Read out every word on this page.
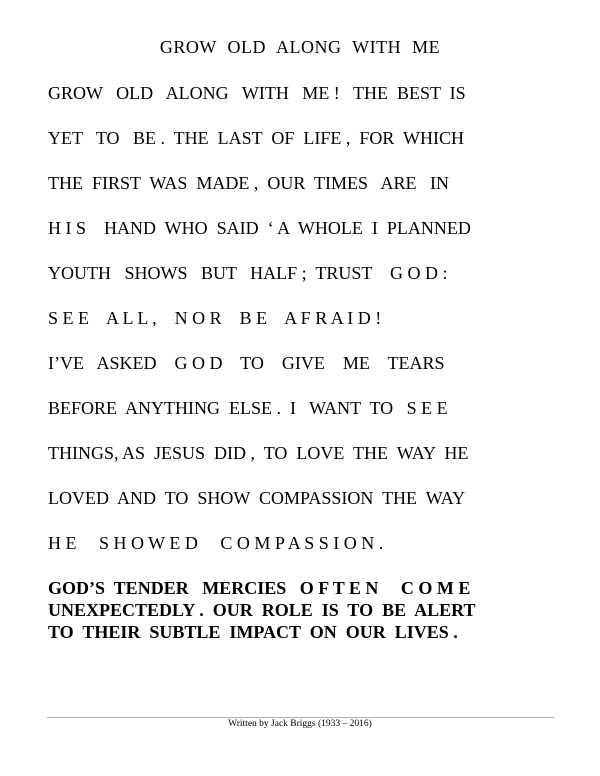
GROW OLD ALONG WITH ME
GROW   OLD   ALONG   WITH   ME !   THE  BEST  IS
YET   TO   BE .  THE  LAST  OF  LIFE ,  FOR  WHICH
THE  FIRST  WAS  MADE ,  OUR  TIMES   ARE   IN
H I S    HAND  WHO  SAID  ‘ A  WHOLE  I  PLANNED
YOUTH   SHOWS   BUT   HALF ;  TRUST    G O D :
S E E    A L L ,    N O R    B E    A F R A I D !
I’VE   ASKED    G O D    TO    GIVE    ME    TEARS
BEFORE  ANYTHING  ELSE .  I   WANT  TO   S E E
THINGS, AS  JESUS  DID ,  TO  LOVE  THE  WAY  HE
LOVED  AND  TO  SHOW  COMPASSION  THE  WAY
H E     S H O W E D     C O M P A S S I O N .
GOD’S  TENDER   MERCIES   O F T E N     C O M E
UNEXPECTEDLY .  OUR  ROLE  IS  TO  BE  ALERT
TO  THEIR  SUBTLE  IMPACT  ON  OUR  LIVES .
Written by Jack Briggs (1933 – 2016)
